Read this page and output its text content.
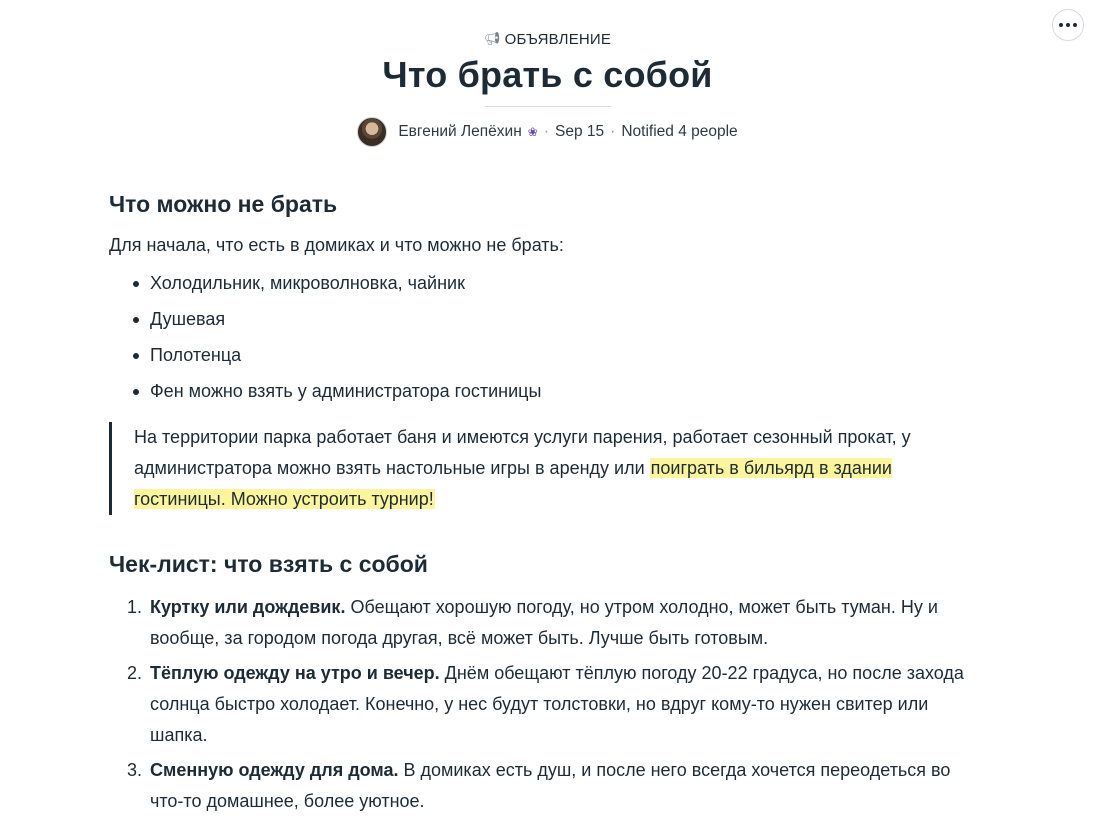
📢︎ ОБЪЯВЛЕНИЕ
Что брать с собой
Евгений Лепёхин ❀ · Sep 15 · Notified 4 people
Что можно не брать

Для начала, что есть в домиках и что можно не брать:

Холодильник, микроволновка, чайник
Душевая
Полотенца
Фен можно взять у администратора гостиницы
На территории парка работает баня и имеются услуги парения, работает сезонный прокат, у администратора можно взять настольные игры в аренду или поиграть в бильярд в здании гостиницы. Можно устроить турнир!
Чек-лист: что взять с собой
1. Куртку или дождевик. Обещают хорошую погоду, но утром холодно, может быть туман. Ну и вообще, за городом погода другая, всё может быть. Лучше быть готовым.
2. Тёплую одежду на утро и вечер. Днём обещают тёплую погоду 20-22 градуса, но после захода солнца быстро холодает. Конечно, у нес будут толстовки, но вдруг кому-то нужен свитер или шапка.
3. Сменную одежду для дома. В домиках есть душ, и после него всегда хочется переодеться во что-то домашнее, более уютное.
